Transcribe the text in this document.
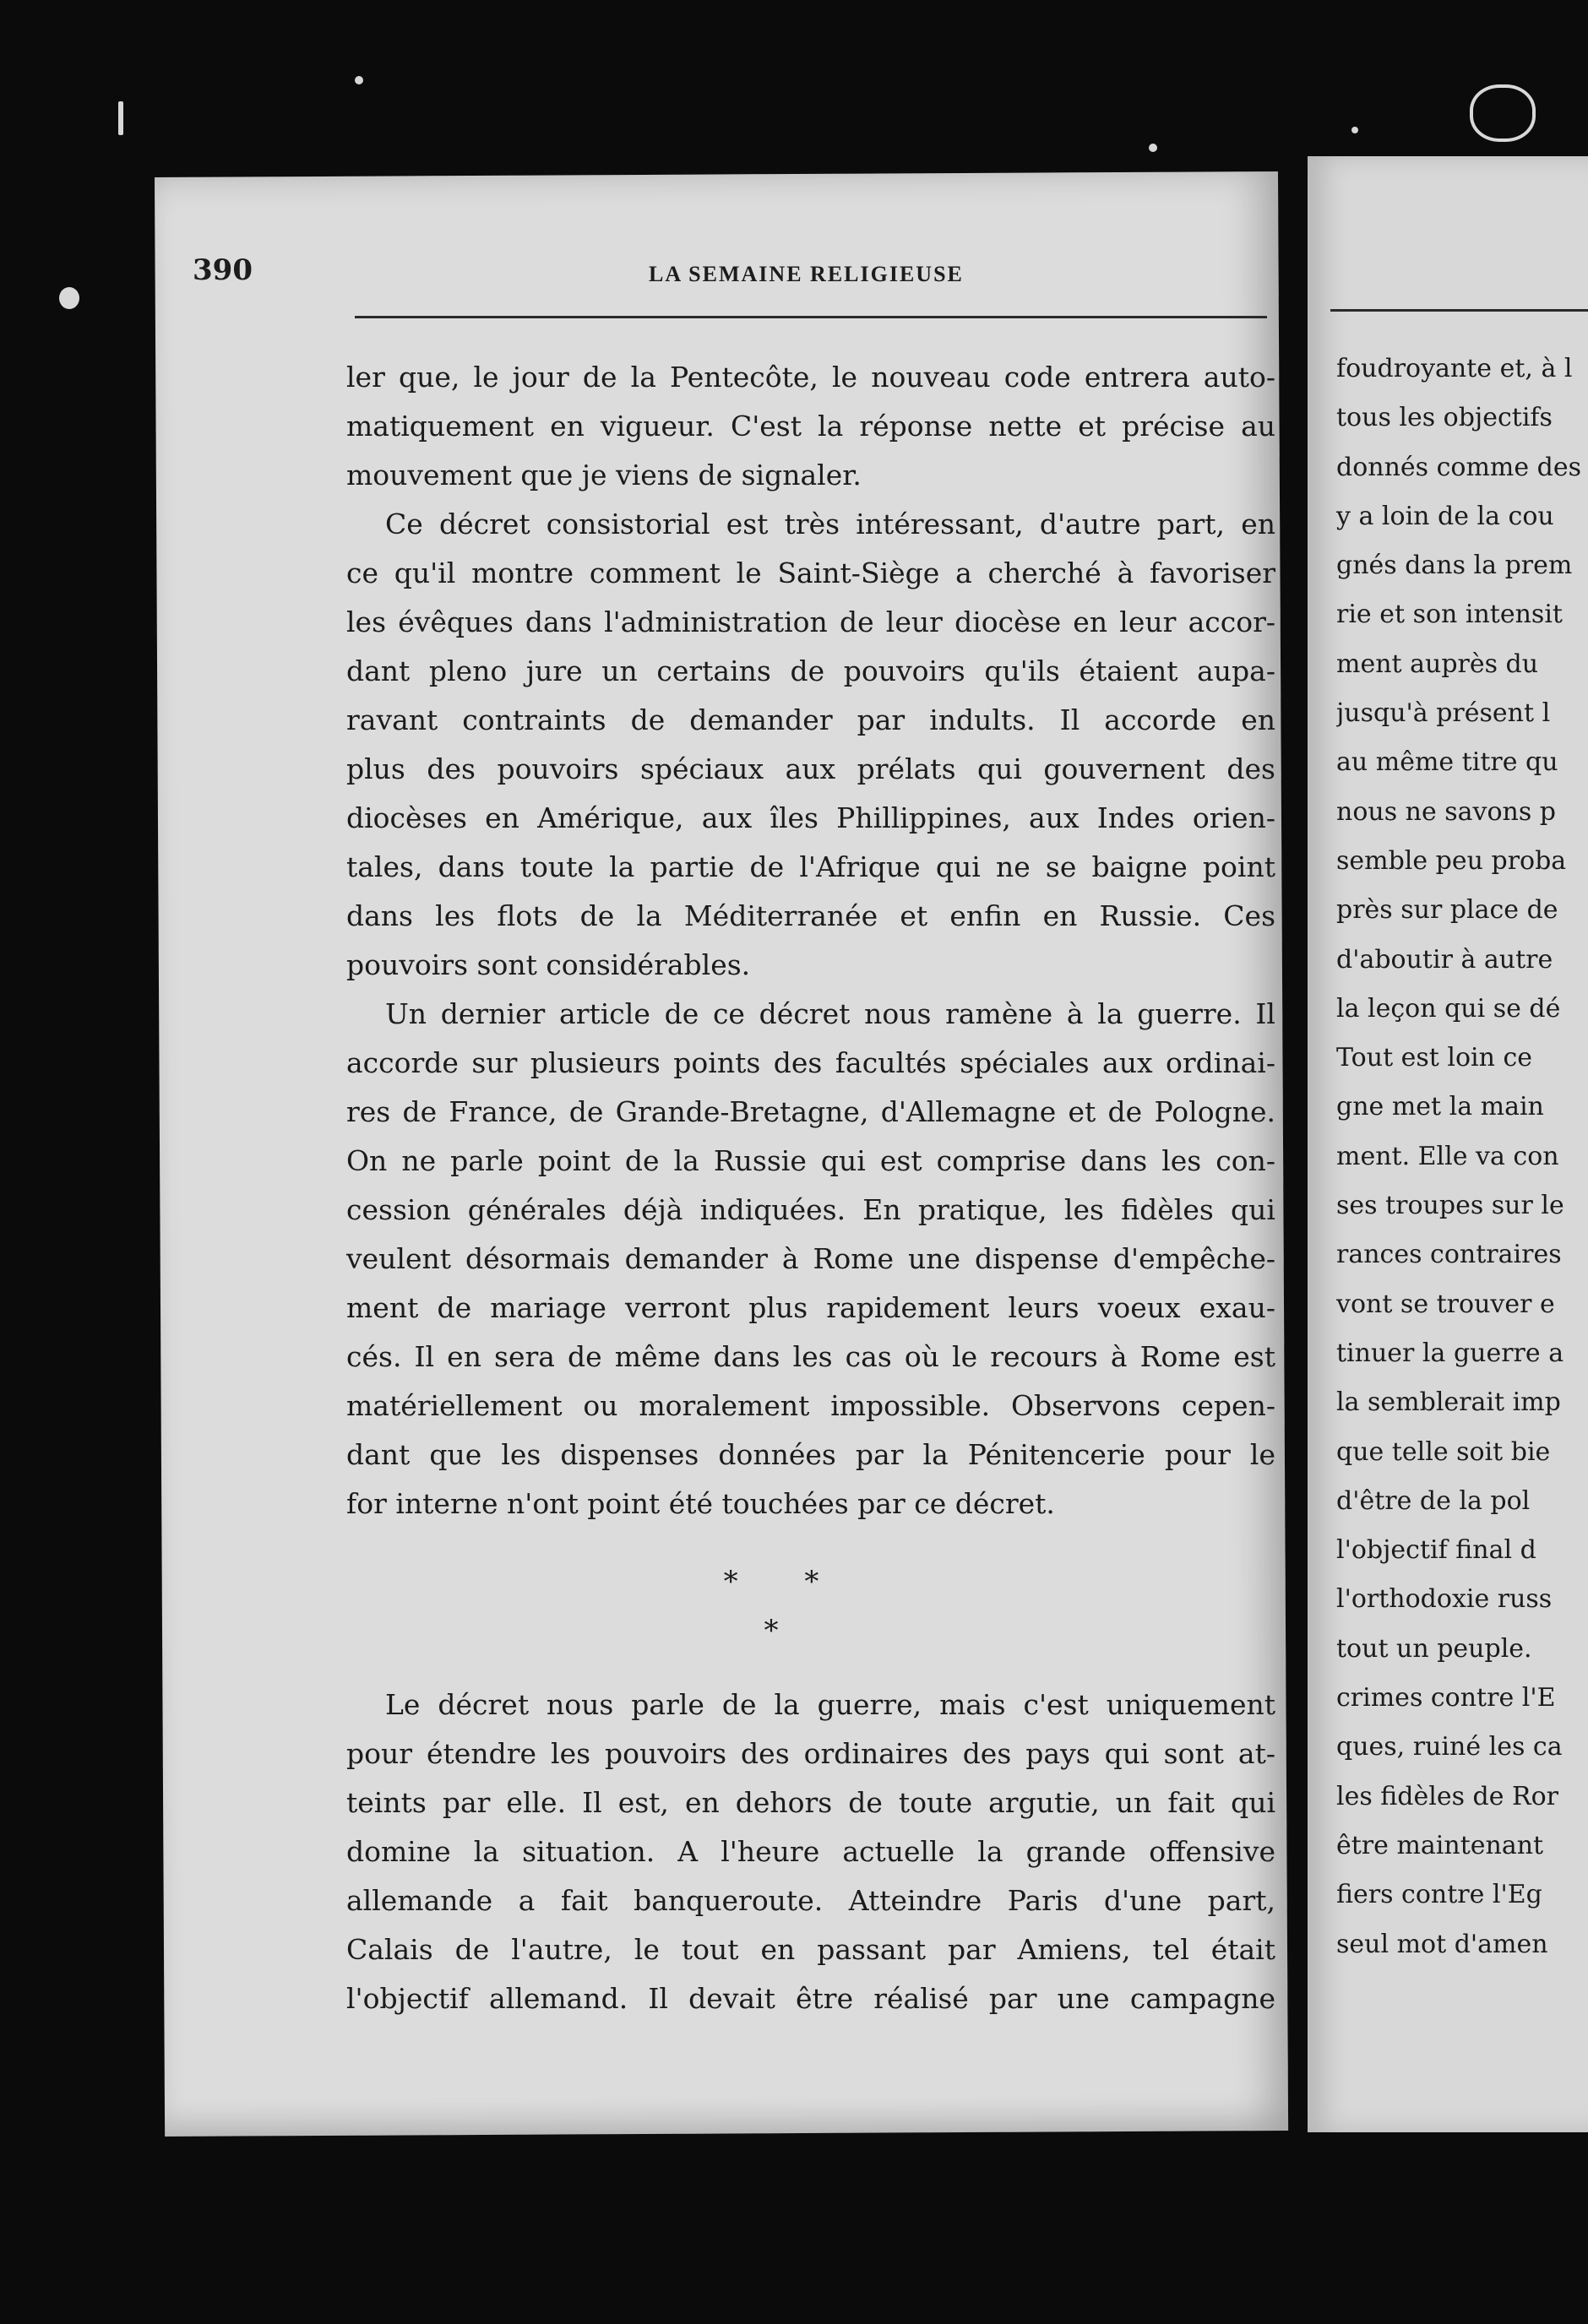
390	LA SEMAINE RELIGIEUSE

ler que, le jour de la Pentecôte, le nouveau code entrera auto-
matiquement en vigueur. C'est la réponse nette et précise au
mouvement que je viens de signaler.

Ce décret consistorial est très intéressant, d'autre part, en
ce qu'il montre comment le Saint-Siège a cherché à favoriser
les évêques dans l'administration de leur diocèse en leur accor-
dant pleno jure un certains de pouvoirs qu'ils étaient aupa-
ravant contraints de demander par indults. Il accorde en
plus des pouvoirs spéciaux aux prélats qui gouvernent des
diocèses en Amérique, aux îles Phillippines, aux Indes orien-
tales, dans toute la partie de l'Afrique qui ne se baigne point
dans les flots de la Méditerranée et enfin en Russie. Ces
pouvoirs sont considérables.

Un dernier article de ce décret nous ramène à la guerre. Il
accorde sur plusieurs points des facultés spéciales aux ordinai-
res de France, de Grande-Bretagne, d'Allemagne et de Pologne.
On ne parle point de la Russie qui est comprise dans les con-
cession générales déjà indiquées. En pratique, les fidèles qui
veulent désormais demander à Rome une dispense d'empêche-
ment de mariage verront plus rapidement leurs voeux exau-
cés. Il en sera de même dans les cas où le recours à Rome est
matériellement ou moralement impossible. Observons cepen-
dant que les dispenses données par la Pénitencerie pour le
for interne n'ont point été touchées par ce décret.

* * *

Le décret nous parle de la guerre, mais c'est uniquement
pour étendre les pouvoirs des ordinaires des pays qui sont at-
teints par elle. Il est, en dehors de toute argutie, un fait qui
domine la situation. A l'heure actuelle la grande offensive
allemande a fait banqueroute. Atteindre Paris d'une part,
Calais de l'autre, le tout en passant par Amiens, tel était
l'objectif allemand. Il devait être réalisé par une campagne

foudroyante et, à l
tous les objectifs
donnés comme des
y a loin de la cou
gnés dans la prem
rie et son intensit
ment auprès du
jusqu'à présent l
au même titre qu
nous ne savons p
semble peu proba
près sur place de
d'aboutir à autre
la leçon qui se dé
Tout est loin ce
gne met la main
ment. Elle va con
ses troupes sur le
rances contraires
vont se trouver e
tinuer la guerre a
la semblerait imp
que telle soit bie
d'être de la pol
l'objectif final d
l'orthodoxie russ
tout un peuple.
crimes contre l'E
ques, ruiné les ca
les fidèles de Ror
être maintenant
fiers contre l'Eg
seul mot d'amen
